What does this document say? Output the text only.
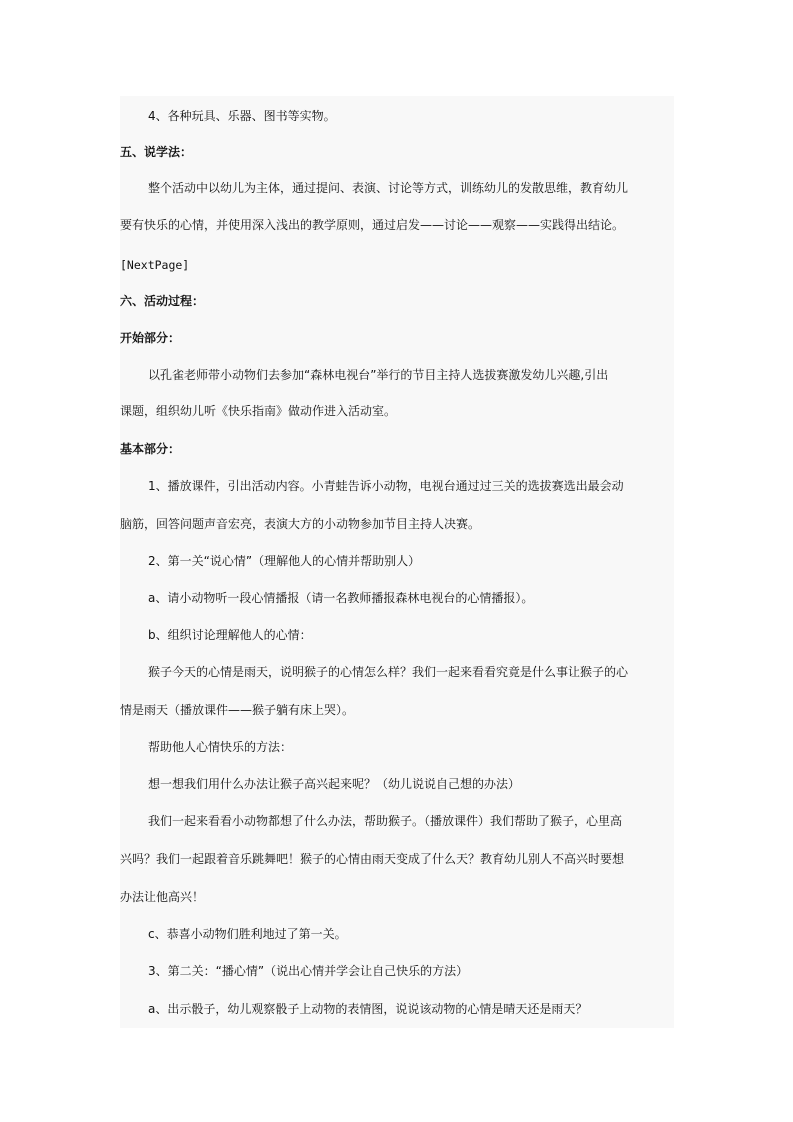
4、各种玩具、乐器、图书等实物。
五、说学法：
整个活动中以幼儿为主体，通过提问、表演、讨论等方式，训练幼儿的发散思维，教育幼儿
要有快乐的心情，并使用深入浅出的教学原则，通过启发——讨论——观察——实践得出结论。
[NextPage]
六、活动过程：
开始部分：
以孔雀老师带小动物们去参加“森林电视台”举行的节目主持人选拔赛激发幼儿兴趣,引出
课题，组织幼儿听《快乐指南》做动作进入活动室。
基本部分：
1、播放课件，引出活动内容。小青蛙告诉小动物，电视台通过过三关的选拔赛选出最会动
脑筋，回答问题声音宏亮，表演大方的小动物参加节目主持人决赛。
2、第一关“说心情”（理解他人的心情并帮助别人）
a、请小动物听一段心情播报（请一名教师播报森林电视台的心情播报）。
b、组织讨论理解他人的心情：
猴子今天的心情是雨天，说明猴子的心情怎么样？我们一起来看看究竟是什么事让猴子的心
情是雨天（播放课件——猴子躺有床上哭）。
帮助他人心情快乐的方法：
想一想我们用什么办法让猴子高兴起来呢？（幼儿说说自己想的办法）
我们一起来看看小动物都想了什么办法，帮助猴子。（播放课件）我们帮助了猴子，心里高
兴吗？我们一起跟着音乐跳舞吧！猴子的心情由雨天变成了什么天？教育幼儿别人不高兴时要想
办法让他高兴！
c、恭喜小动物们胜利地过了第一关。
3、第二关：“播心情”（说出心情并学会让自己快乐的方法）
a、出示骰子，幼儿观察骰子上动物的表情图，说说该动物的心情是晴天还是雨天？
